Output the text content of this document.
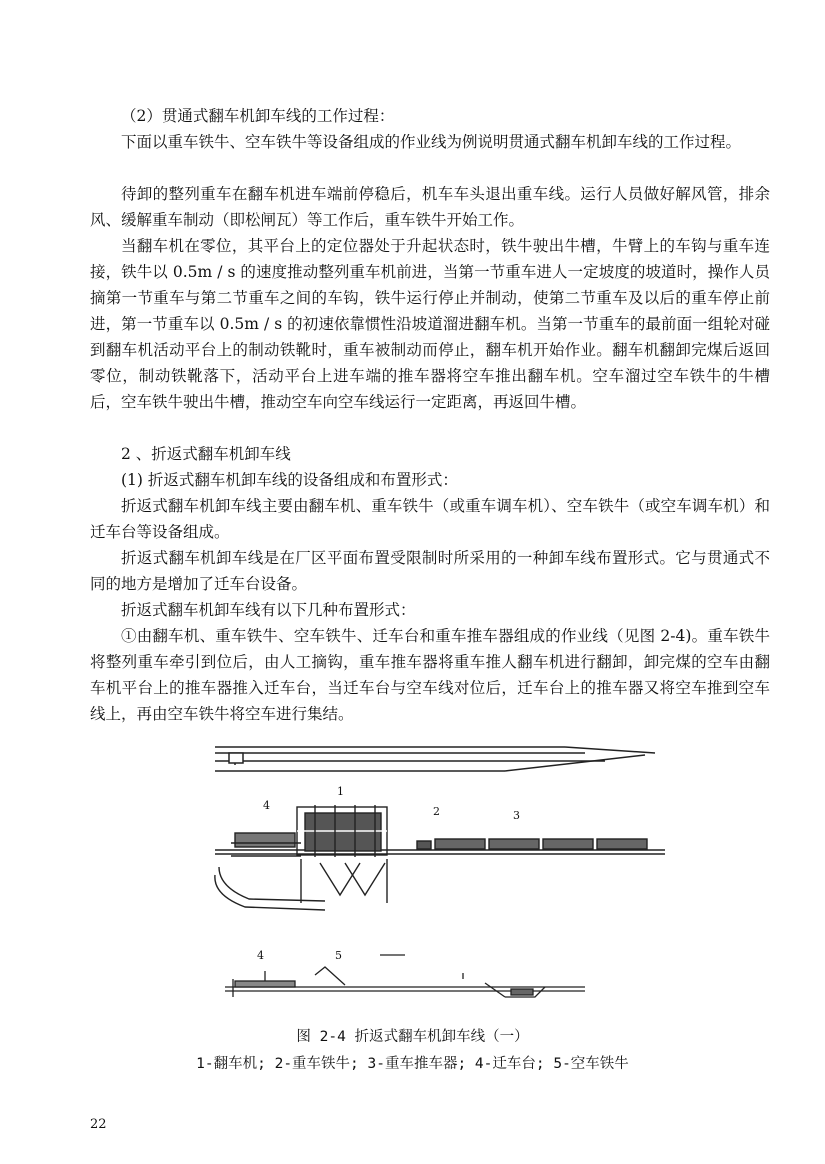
（2）贯通式翻车机卸车线的工作过程：

下面以重车铁牛、空车铁牛等设备组成的作业线为例说明贯通式翻车机卸车线的工作过程。

待卸的整列重车在翻车机进车端前停稳后，机车车头退出重车线。运行人员做好解风管，排余风、缓解重车制动（即松闸瓦）等工作后，重车铁牛开始工作。

当翻车机在零位，其平台上的定位器处于升起状态时，铁牛驶出牛槽，牛臂上的车钩与重车连接，铁牛以 0.5m / s 的速度推动整列重车机前进，当第一节重车进人一定坡度的坡道时，操作人员摘第一节重车与第二节重车之间的车钩，铁牛运行停止并制动，使第二节重车及以后的重车停止前进，第一节重车以 0.5m / s 的初速依靠惯性沿坡道溜进翻车机。当第一节重车的最前面一组轮对碰到翻车机活动平台上的制动铁靴时，重车被制动而停止，翻车机开始作业。翻车机翻卸完煤后返回零位，制动铁靴落下，活动平台上进车端的推车器将空车推出翻车机。空车溜过空车铁牛的牛槽后，空车铁牛驶出牛槽，推动空车向空车线运行一定距离，再返回牛槽。

2 、折返式翻车机卸车线

(1) 折返式翻车机卸车线的设备组成和布置形式：

折返式翻车机卸车线主要由翻车机、重车铁牛（或重车调车机）、空车铁牛（或空车调车机）和迁车台等设备组成。

折返式翻车机卸车线是在厂区平面布置受限制时所采用的一种卸车线布置形式。它与贯通式不同的地方是增加了迁车台设备。

折返式翻车机卸车线有以下几种布置形式：

①由翻车机、重车铁牛、空车铁牛、迁车台和重车推车器组成的作业线（见图 2-4)。重车铁牛将整列重车牵引到位后，由人工摘钩，重车推车器将重车推人翻车机进行翻卸，卸完煤的空车由翻车机平台上的推车器推入迁车台，当迁车台与空车线对位后，迁车台上的推车器又将空车推到空车线上，再由空车铁牛将空车进行集结。

1
2	3
4
4	5
图 2-4 折返式翻车机卸车线（一）
1-翻车机; 2-重车铁牛; 3-重车推车器; 4-迁车台; 5-空车铁牛
22
